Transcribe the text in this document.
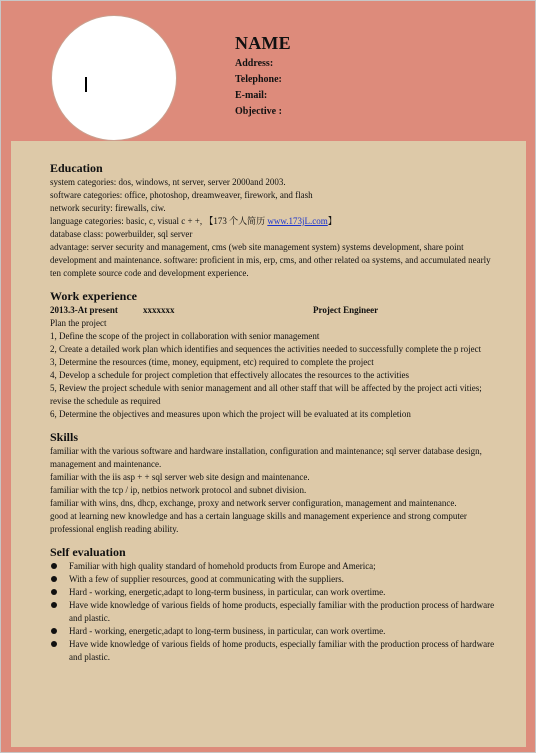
NAME
Address:
Telephone:
E-mail:
Objective :
Education
system categories: dos, windows, nt server, server 2000and 2003.
software categories: office, photoshop, dreamweaver, firework, and flash
network security: firewalls, ciw.
language categories: basic, c, visual c + +, 【173 个人简历 www.173jL.com】
database class: powerbuilder, sql server
advantage: server security and management, cms (web site management system) systems development, share point development and maintenance. software: proficient in mis, erp, cms, and other related oa systems, and accumulated nearly ten complete source code and development experience.
Work experience
2013.3-At present	xxxxxxx	Project Engineer
Plan the project
1, Define the scope of the project in collaboration with senior management
2, Create a detailed work plan which identifies and sequences the activities needed to successfully complete the p roject
3, Determine the resources (time, money, equipment, etc) required to complete the project
4, Develop a schedule for project completion that effectively allocates the resources to the activities
5, Review the project schedule with senior management and all other staff that will be affected by the project acti vities; revise the schedule as required
6, Determine the objectives and measures upon which the project will be evaluated at its completion
Skills
familiar with the various software and hardware installation, configuration and maintenance; sql server database design, management and maintenance.
familiar with the iis asp + + sql server web site design and maintenance.
familiar with the tcp / ip, netbios network protocol and subnet division.
familiar with wins, dns, dhcp, exchange, proxy and network server configuration, management and maintenance.
good at learning new knowledge and has a certain language skills and management experience and strong computer professional english reading ability.
Self evaluation
Familiar with high quality standard of homehold products from Europe and America;
With a few of supplier resources, good at communicating with the suppliers.
Hard - working, energetic,adapt to long-term business, in particular, can work overtime.
Have wide knowledge of various fields of home products, especially familiar with the production process of hardware and plastic.
Hard - working, energetic,adapt to long-term business, in particular, can work overtime.
Have wide knowledge of various fields of home products, especially familiar with the production process of hardware and plastic.
